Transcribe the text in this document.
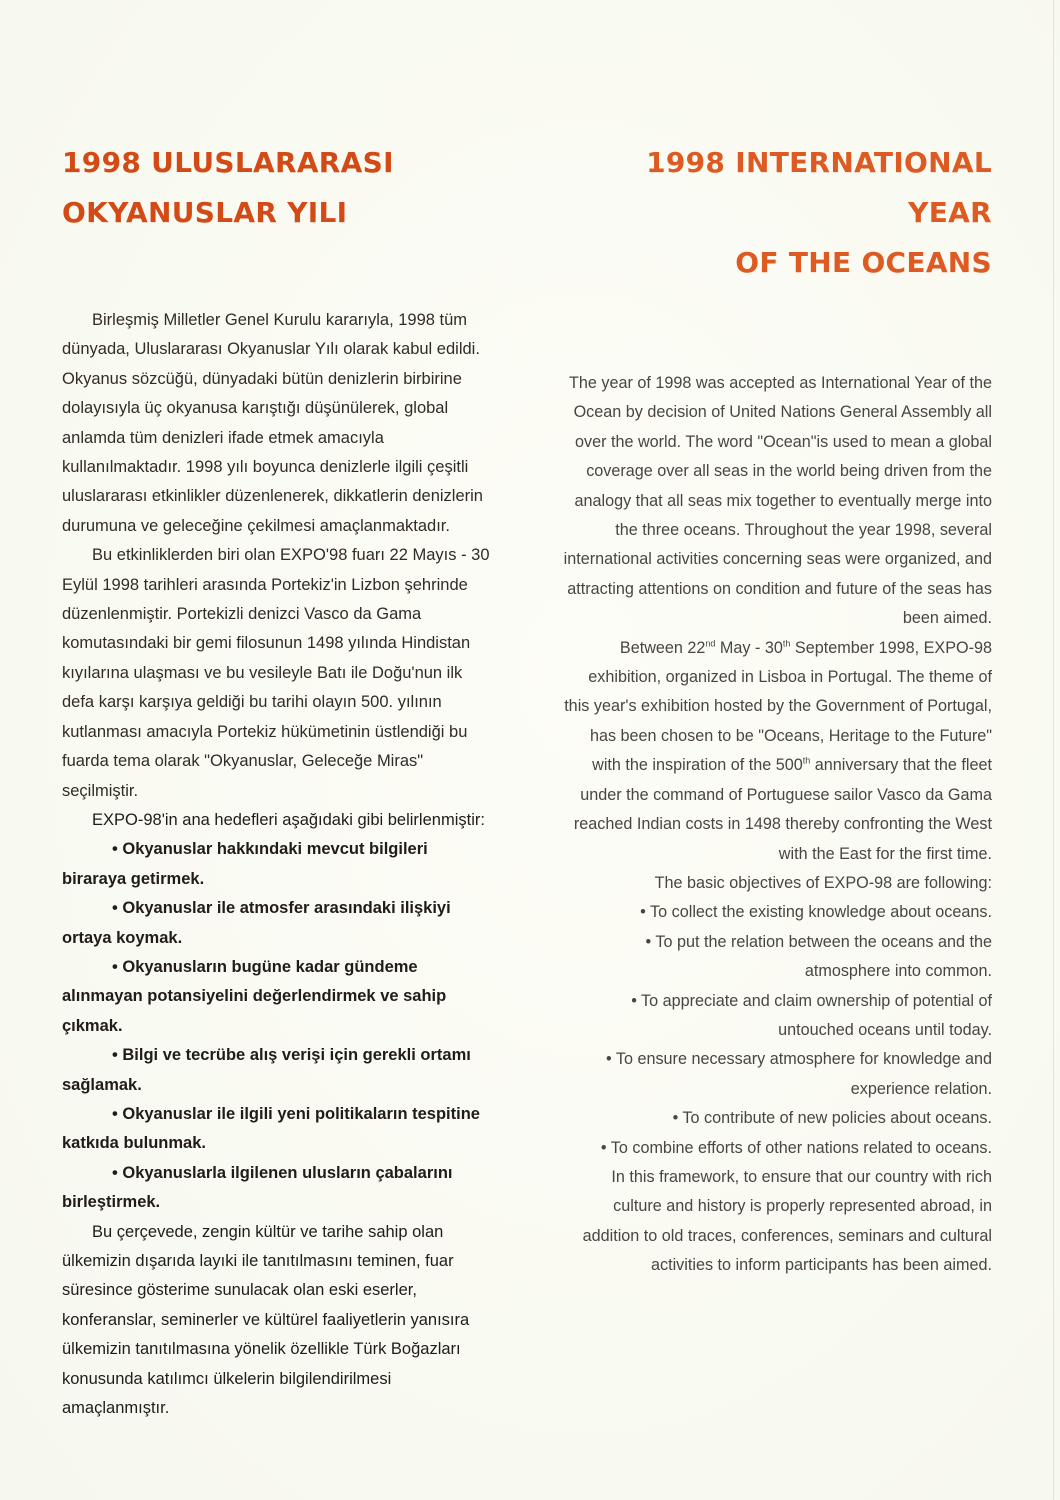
1998 ULUSLARARASI
OKYANUSLAR YILI

Birleşmiş Milletler Genel Kurulu kararıyla, 1998 tüm dünyada, Uluslararası Okyanuslar Yılı olarak kabul edildi. Okyanus sözcüğü, dünyadaki bütün denizlerin birbirine dolayısıyla üç okyanusa karıştığı düşünülerek, global anlamda tüm denizleri ifade etmek amacıyla kullanılmaktadır. 1998 yılı boyunca denizlerle ilgili çeşitli uluslararası etkinlikler düzenlenerek, dikkatlerin denizlerin durumuna ve geleceğine çekilmesi amaçlanmaktadır.

Bu etkinliklerden biri olan EXPO'98 fuarı 22 Mayıs - 30 Eylül 1998 tarihleri arasında Portekiz'in Lizbon şehrinde düzenlenmiştir. Portekizli denizci Vasco da Gama komutasındaki bir gemi filosunun 1498 yılında Hindistan kıyılarına ulaşması ve bu vesileyle Batı ile Doğu'nun ilk defa karşı karşıya geldiği bu tarihi olayın 500. yılının kutlanması amacıyla Portekiz hükümetinin üstlendiği bu fuarda tema olarak "Okyanuslar, Geleceğe Miras" seçilmiştir.

EXPO-98'in ana hedefleri aşağıdaki gibi belirlenmiştir:

• Okyanuslar hakkındaki mevcut bilgileri biraraya getirmek.

• Okyanuslar ile atmosfer arasındaki ilişkiyi ortaya koymak.

• Okyanusların bugüne kadar gündeme alınmayan potansiyelini değerlendirmek ve sahip çıkmak.

• Bilgi ve tecrübe alış verişi için gerekli ortamı sağlamak.

• Okyanuslar ile ilgili yeni politikaların tespitine katkıda bulunmak.

• Okyanuslarla ilgilenen ulusların çabalarını birleştirmek.

Bu çerçevede, zengin kültür ve tarihe sahip olan ülkemizin dışarıda layıki ile tanıtılmasını teminen, fuar süresince gösterime sunulacak olan eski eserler, konferanslar, seminerler ve kültürel faaliyetlerin yanısıra ülkemizin tanıtılmasına yönelik özellikle Türk Boğazları konusunda katılımcı ülkelerin bilgilendirilmesi amaçlanmıştır.

1998 INTERNATIONAL YEAR
OF THE OCEANS

The year of 1998 was accepted as International Year of the Ocean by decision of United Nations General Assembly all over the world. The word "Ocean"is used to mean a global coverage over all seas in the world being driven from the analogy that all seas mix together to eventually merge into the three oceans. Throughout the year 1998, several international activities concerning seas were organized, and attracting attentions on condition and future of the seas has been aimed.

Between 22nd May - 30th September 1998, EXPO-98 exhibition, organized in Lisboa in Portugal. The theme of this year's exhibition hosted by the Government of Portugal, has been chosen to be "Oceans, Heritage to the Future" with the inspiration of the 500th anniversary that the fleet under the command of Portuguese sailor Vasco da Gama reached Indian costs in 1498 thereby confronting the West with the East for the first time.

The basic objectives of EXPO-98 are following:

• To collect the existing knowledge about oceans.

• To put the relation between the oceans and the atmosphere into common.

• To appreciate and claim ownership of potential of untouched oceans until today.

• To ensure necessary atmosphere for knowledge and experience relation.

• To contribute of new policies about oceans.

• To combine efforts of other nations related to oceans.

In this framework, to ensure that our country with rich culture and history is properly represented abroad, in addition to old traces, conferences, seminars and cultural activities to inform participants has been aimed.
